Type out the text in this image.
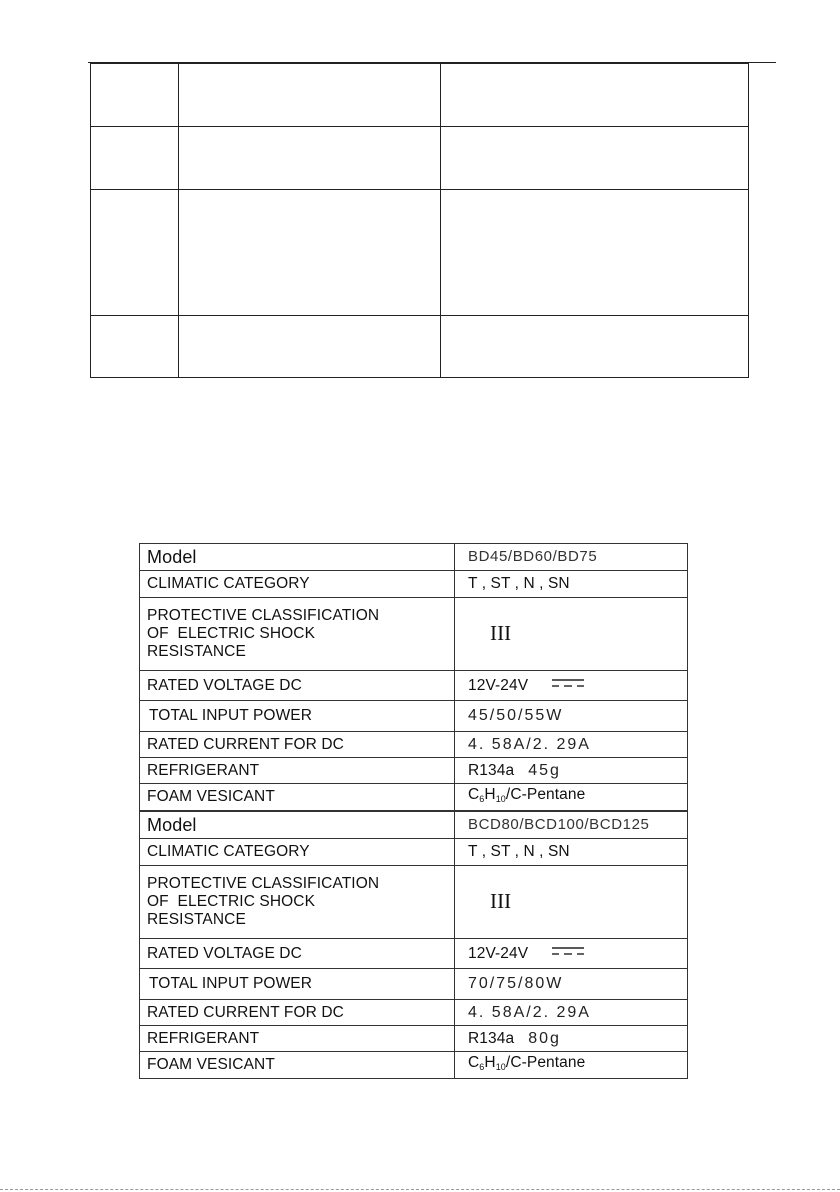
Model	BD45/BD60/BD75
CLIMATIC CATEGORY	T , ST , N , SN

PROTECTIVE CLASSIFICATION
OF  ELECTRIC SHOCK
RESISTANCE	III
RATED VOLTAGE DC	12V-24V

TOTAL INPUT POWER	45/50/55W
RATED CURRENT FOR DC	4. 58A/2. 29A
REFRIGERANT	R134a 45g
FOAM VESICANT	$C_6H_{10}/C$-Pentane
Model	BCD80/BCD100/BCD125
CLIMATIC CATEGORY	T , ST , N , SN

PROTECTIVE CLASSIFICATION
OF  ELECTRIC SHOCK
RESISTANCE	III
RATED VOLTAGE DC	12V-24V

TOTAL INPUT POWER	70/75/80W
RATED CURRENT FOR DC	4. 58A/2. 29A
REFRIGERANT	R134a 80g
FOAM VESICANT	$C_6H_{10}/C$-Pentane
